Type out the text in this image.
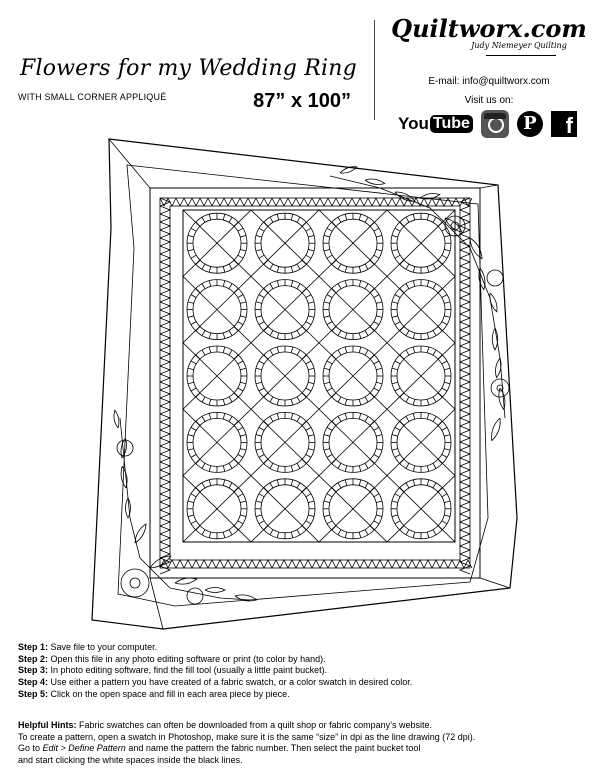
Flowers for my Wedding Ring
WITH SMALL CORNER APPLIQUÉ	87” x 100”
Quiltworx.com
Judy Niemeyer Quilting
E-mail: info@quiltworx.com
Visit us on:
You Tube	P	f
Step 1: Save file to your computer.
Step 2: Open this file in any photo editing software or print (to color by hand).
Step 3: In photo editing software, find the fill tool (usually a little paint bucket).
Step 4: Use either a pattern you have created of a fabric swatch, or a color swatch in desired color.
Step 5: Click on the open space and fill in each area piece by piece.
Helpful Hints: Fabric swatches can often be downloaded from a quilt shop or fabric company’s website.
To create a pattern, open a swatch in Photoshop, make sure it is the same “size” in dpi as the line drawing (72 dpi).
Go to Edit > Define Pattern and name the pattern the fabric number. Then select the paint bucket tool
and start clicking the white spaces inside the black lines.
